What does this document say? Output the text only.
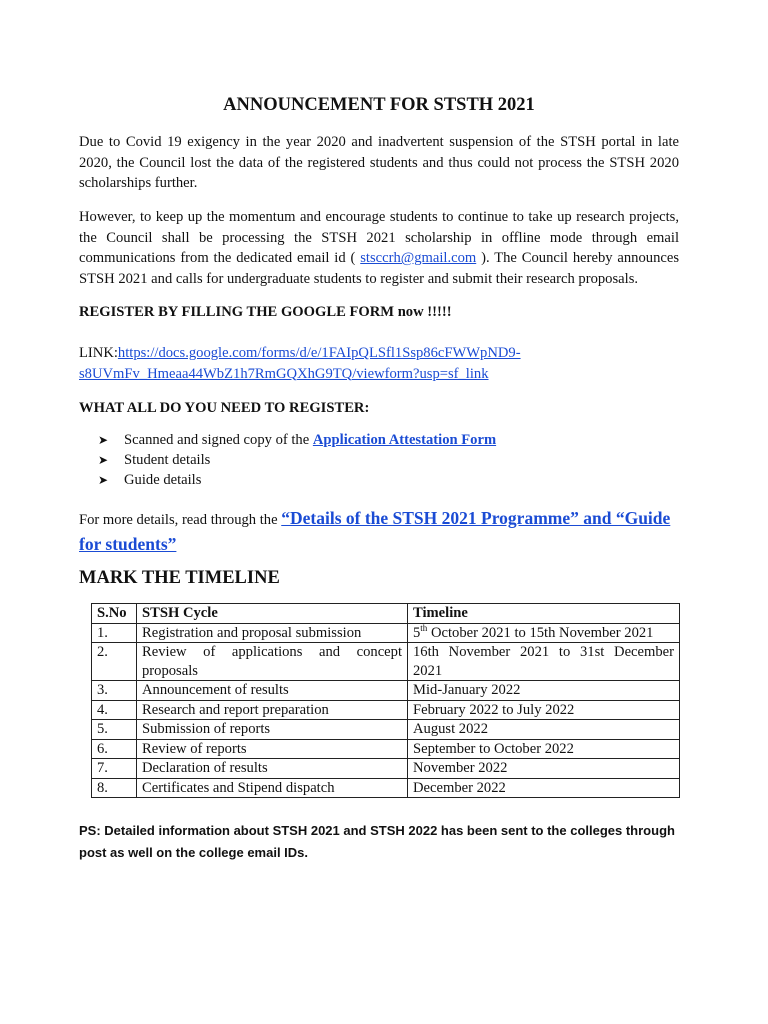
ANNOUNCEMENT FOR STSTH 2021
Due to Covid 19 exigency in the year 2020 and inadvertent suspension of the STSH portal in late 2020, the Council lost the data of the registered students and thus could not process the STSH 2020 scholarships further.
However, to keep up the momentum and encourage students to continue to take up research projects, the Council shall be processing the STSH 2021 scholarship in offline mode through email communications from the dedicated email id ( stsccrh@gmail.com ). The Council hereby announces STSH 2021 and calls for undergraduate students to register and submit their research proposals.
REGISTER BY FILLING THE GOOGLE FORM now !!!!!
LINK:https://docs.google.com/forms/d/e/1FAIpQLSfl1Ssp86cFWWpND9-
s8UVmFv_Hmeaa44WbZ1h7RmGQXhG9TQ/viewform?usp=sf_link
WHAT ALL DO YOU NEED TO REGISTER:
➤	Scanned and signed copy of the
Application Attestation Form
➤	Student details
➤	Guide details
For more details, read through the “Details of the STSH 2021 Programme” and “Guide
for students”
MARK THE TIMELINE
S.No	STSH Cycle	Timeline
1.	Registration and proposal submission	5th October 2021 to 15th November 2021
2.	Review of applications and concept proposals	16th November 2021 to 31st December 2021
3.	Announcement of results	Mid-January 2022
4.	Research and report preparation	February 2022 to July 2022
5.	Submission of reports	August 2022
6.	Review of reports	September to October 2022
7.	Declaration of results	November 2022
8.	Certificates and Stipend dispatch	December 2022
PS: Detailed information about STSH 2021 and STSH 2022 has been sent to the colleges through post as well on the college email IDs.
